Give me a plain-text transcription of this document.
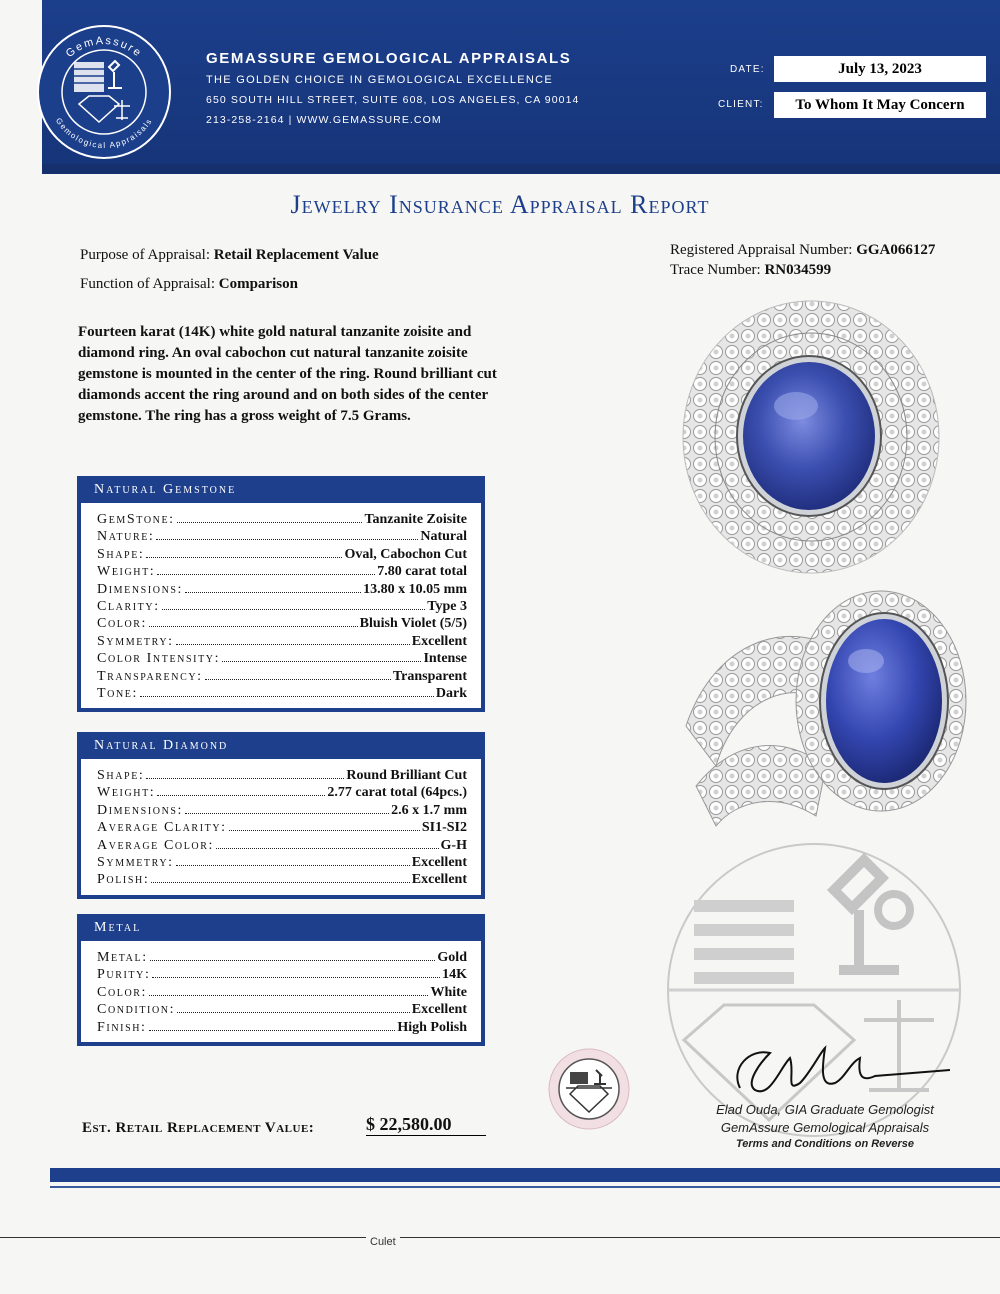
GemAssure
Gemological Appraisals
GEMASSURE GEMOLOGICAL APPRAISALS
THE GOLDEN CHOICE IN GEMOLOGICAL EXCELLENCE
650 SOUTH HILL STREET, SUITE 608, LOS ANGELES, CA 90014
213-258-2164 | WWW.GEMASSURE.COM
DATE:	July 13, 2023
CLIENT:	To Whom It May Concern
Jewelry Insurance Appraisal Report
Purpose of Appraisal: Retail Replacement Value
Function of Appraisal: Comparison
Registered Appraisal Number: GGA066127
Trace Number: RN034599
Fourteen karat (14K) white gold natural tanzanite zoisite and diamond ring. An oval cabochon cut natural tanzanite zoisite gemstone is mounted in the center of the ring. Round brilliant cut diamonds accent the ring around and on both sides of the center gemstone. The ring has a gross weight of 7.5 Grams.
Natural Gemstone
GemStone:	Tanzanite Zoisite
Nature:	Natural
Shape:	Oval, Cabochon Cut
Weight:	7.80 carat total
Dimensions:	13.80 x 10.05 mm
Clarity:	Type 3
Color:	Bluish Violet (5/5)
Symmetry:	Excellent
Color Intensity:	Intense
Transparency:	Transparent
Tone:	Dark
Natural Diamond
Shape:	Round Brilliant Cut
Weight:	2.77 carat total (64pcs.)
Dimensions:	2.6 x 1.7 mm
Average Clarity:	SI1-SI2
Average Color:	G-H
Symmetry:	Excellent
Polish:	Excellent
Metal
Metal:	Gold
Purity:	14K
Color:	White
Condition:	Excellent
Finish:	High Polish
Est. Retail Replacement Value:	$ 22,580.00
Elad Ouda, GIA Graduate Gemologist
GemAssure Gemological Appraisals
Terms and Conditions on Reverse
Culet
